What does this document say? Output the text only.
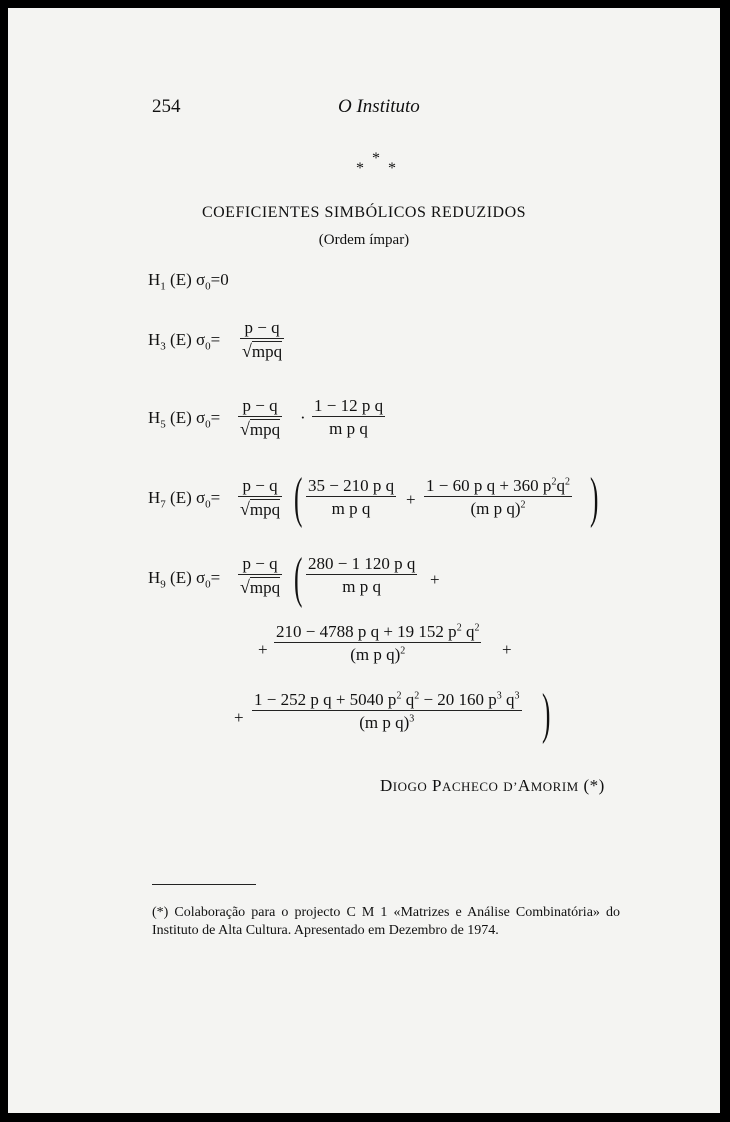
254	O Instituto
* * *
COEFICIENTES SIMBÓLICOS REDUZIDOS
(Ordem ímpar)
$H_1$ (E) $\sigma_0=0$
$H_3$ (E) $\sigma_0=$
p − q
√mpq
$H_5$ (E) $\sigma_0=$
p − q
√mpq
· $\frac{\text{1 − 12 p q}}{\text{m p q}}$
$H_7$ (E) $\sigma_0=$
p − q
√mpq ( $\frac{\text{35 − 210 p q}}{\text{m p q}} + \frac{1 - 60 p q + 360 p^2q^2}{(m p q)^2}$ )
$H_9$ (E) $\sigma_0=$
p − q
√mpq ( $\frac{\text{280 − 1 120 p q}}{\text{m p q}}$ +
+ $\frac{210 - 4788 p q + 19 152 p^2 q^2}{(m p q)^2}$ +
+ $\frac{1 - 252 p q + 5040 p^2 q^2 - 20 160 p^3 q^3}{(m p q)^3}$ )
DIOGO PACHECO D’AMORIM (*)
(*) Colaboração para o projecto C M 1 «Matrizes e Análise Combinatória» do Instituto de Alta Cultura. Apresentado em Dezembro de 1974.
